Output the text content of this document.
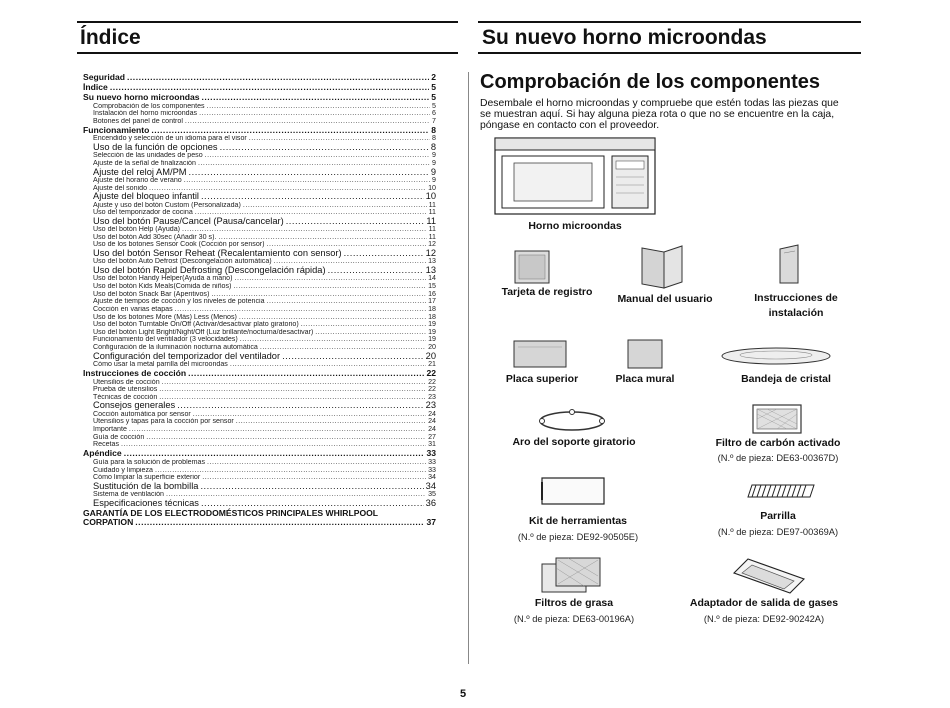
Índice	Su nuevo horno microondas
Seguridad .....	2
Índice .....	5
Su nuevo horno microondas .....	5
Comprobación de los componentes .....	5
Instalación del horno microondas .....	6
Botones del panel de control .....	7
Funcionamiento .....	8
Encendido y selección de un idioma para el visor .....	8
Uso de la función de opciones .....	8
Selección de las unidades de peso .....	9
Ajuste de la señal de finalización .....	9
Ajuste del reloj AM/PM .....	9
Ajuste del horario de verano .....	9
Ajuste del sonido .....	10
Ajuste del bloqueo infantil .....	10
Ajuste y uso del botón Custom (Personalizada) .....	11
Uso del temporizador de cocina .....	11
Uso del botón Pause/Cancel (Pausa/cancelar) .....	11
Uso del botón Help (Ayuda) .....	11
Uso del botón Add 30sec (Añadir 30 s). .....	11
Uso de los botones Sensor Cook (Cocción por sensor) .....	12
Uso del botón Sensor Reheat (Recalentamiento con sensor) .....	12
Uso del botón Auto Defrost (Descongelación automática) .....	13
Uso del botón Rapid Defrosting (Descongelación rápida) .....	13
Uso del botón Handy Helper(Ayuda a mano) .....	14
Uso del botón Kids Meals(Comida de niños) .....	15
Uso del botón Snack Bar (Aperitivos) .....	16
Ajuste de tiempos de cocción y los niveles de potencia .....	17
Cocción en varias etapas .....	18
Uso de los botones More (Más) Less (Menos) .....	18
Uso del botón Turntable On/Off (Activar/desactivar plato giratorio) .....	19
Uso del botón Light Bright/Night/Off (Luz brillante/nocturna/desactivar) .....	19
Funcionamiento del ventilador (3 velocidades) .....	19
Configuración de la iluminación nocturna automática .....	20
Configuración del temporizador del ventilador .....	20
Cómo usar la metal parrilla del microondas .....	21
Instrucciones de cocción .....	22
Utensilios de cocción .....	22
Prueba de utensilios .....	22
Técnicas de cocción .....	23
Consejos generales .....	23
Cocción automática por sensor .....	24
Utensilios y tapas para la cocción por sensor .....	24
Importante .....	24
Guía de cocción .....	27
Recetas .....	31
Apéndice .....	33
Guía para la solución de problemas .....	33
Cuidado y limpieza .....	33
Cómo limpiar la superficie exterior .....	34
Sustitución de la bombilla .....	34
Sistema de ventilación .....	35
Especificaciones técnicas .....	36
GARANTÍA DE LOS ELECTRODOMÉSTICOS PRINCIPALES WHIRLPOOL
CORPATION .....	37
Comprobación de los componentes
Desembale el horno microondas y compruebe que estén todas las piezas que se muestran aquí. Si hay alguna pieza rota o que no se encuentre en la caja, póngase en contacto con el proveedor.
Horno microondas
Tarjeta de registro
Manual del usuario	Instrucciones de instalación
Placa superior	Placa mural	Bandeja de cristal
Aro del soporte giratorio	Filtro de carbón activado
(N.º de pieza: DE63-00367D)
Kit de herramientas
(N.º de pieza: DE92-90505E)
Parrilla
(N.º de pieza: DE97-00369A)
Filtros de grasa
(N.º de pieza: DE63-00196A)
Adaptador de salida de gases
(N.º de pieza: DE92-90242A)
5
